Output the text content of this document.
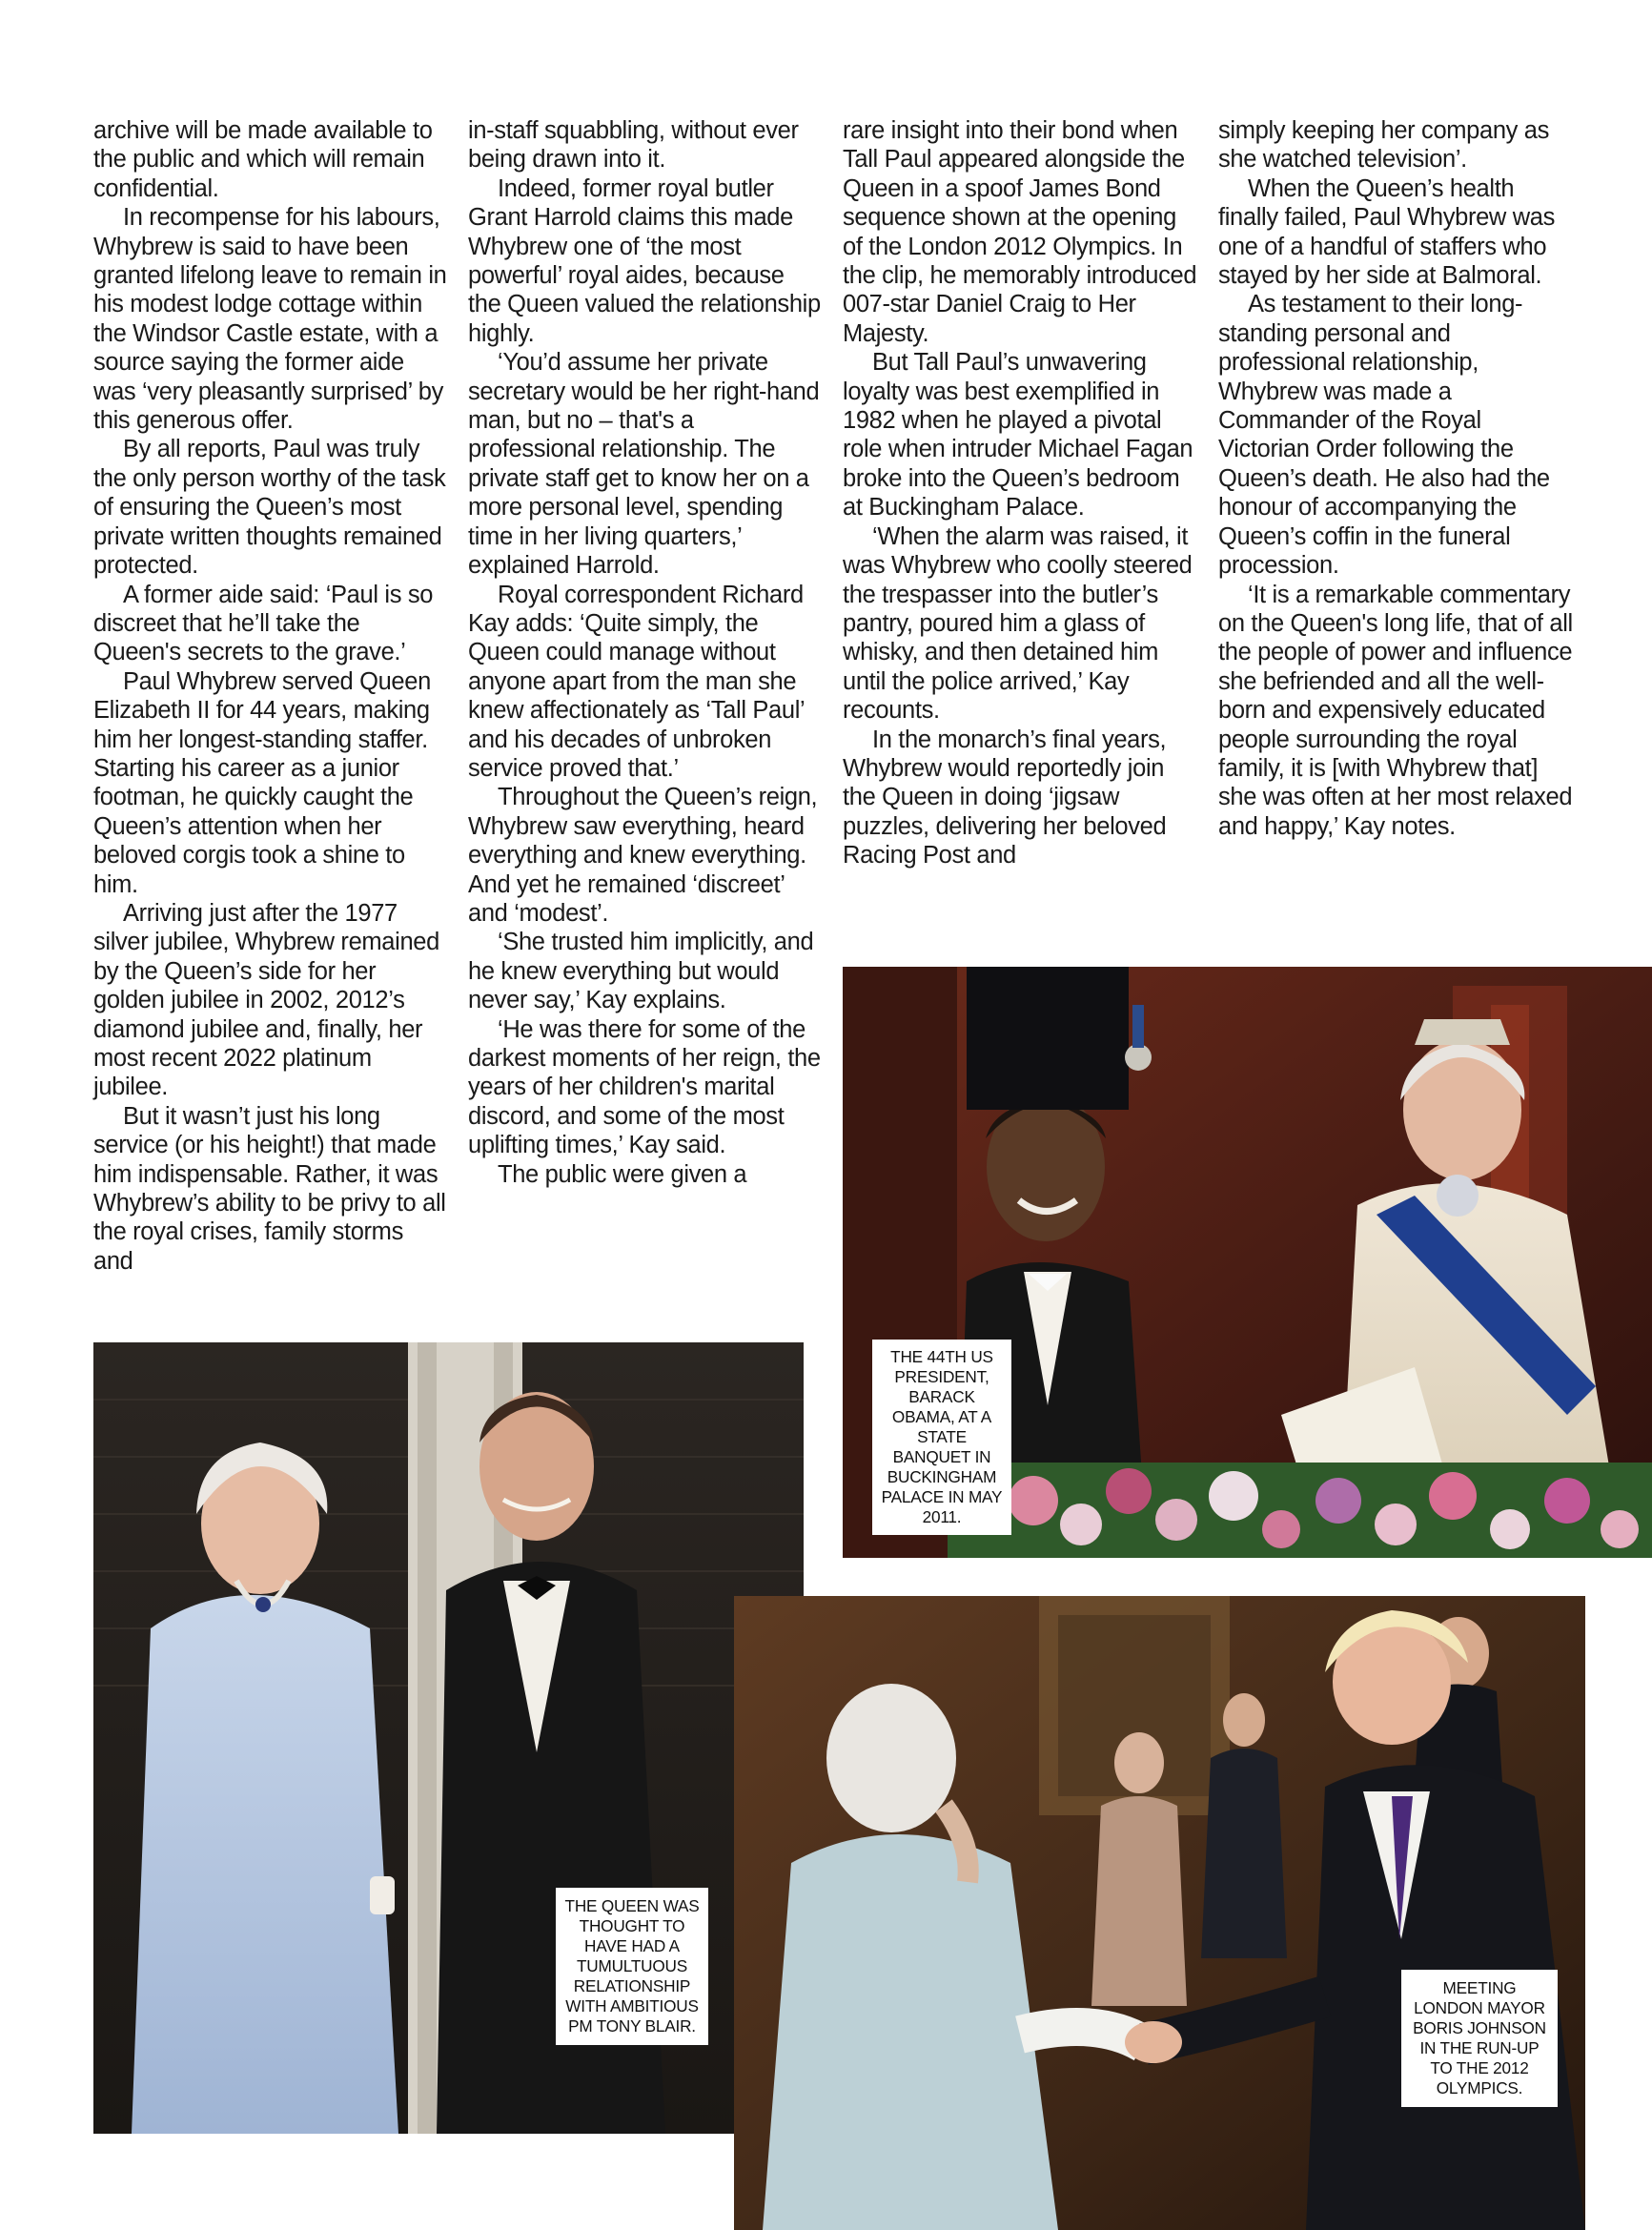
archive will be made available to the public and which will remain confidential.

In recompense for his labours, Whybrew is said to have been granted lifelong leave to remain in his modest lodge cottage within the Windsor Castle estate, with a source saying the former aide was ‘very pleasantly surprised’ by this generous offer.

By all reports, Paul was truly the only person worthy of the task of ensuring the Queen’s most private written thoughts remained protected.

A former aide said: ‘Paul is so discreet that he’ll take the Queen's secrets to the grave.’

Paul Whybrew served Queen Elizabeth II for 44 years, making him her longest-standing staffer. Starting his career as a junior footman, he quickly caught the Queen’s attention when her beloved corgis took a shine to him.

Arriving just after the 1977 silver jubilee, Whybrew remained by the Queen’s side for her golden jubilee in 2002, 2012’s diamond jubilee and, finally, her most recent 2022 platinum jubilee.

But it wasn’t just his long service (or his height!) that made him indispensable. Rather, it was Whybrew’s ability to be privy to all the royal crises, family storms and

in-staff squabbling, without ever being drawn into it.

Indeed, former royal butler Grant Harrold claims this made Whybrew one of ‘the most powerful’ royal aides, because the Queen valued the relationship highly.

‘You’d assume her private secretary would be her right-hand man, but no – that's a professional relationship. The private staff get to know her on a more personal level, spending time in her living quarters,’ explained Harrold.

Royal correspondent Richard Kay adds: ‘Quite simply, the Queen could manage without anyone apart from the man she knew affectionately as ‘Tall Paul’ and his decades of unbroken service proved that.’

Throughout the Queen’s reign, Whybrew saw everything, heard everything and knew everything. And yet he remained ‘discreet’ and ‘modest’.

‘She trusted him implicitly, and he knew everything but would never say,’ Kay explains.

‘He was there for some of the darkest moments of her reign, the years of her children's marital discord, and some of the most uplifting times,’ Kay said.

The public were given a

rare insight into their bond when Tall Paul appeared alongside the Queen in a spoof James Bond sequence shown at the opening of the London 2012 Olympics. In the clip, he memorably introduced 007-star Daniel Craig to Her Majesty.

But Tall Paul’s unwavering loyalty was best exemplified in 1982 when he played a pivotal role when intruder Michael Fagan broke into the Queen’s bedroom at Buckingham Palace.

‘When the alarm was raised, it was Whybrew who coolly steered the trespasser into the butler’s pantry, poured him a glass of whisky, and then detained him until the police arrived,’ Kay recounts.

In the monarch’s final years, Whybrew would reportedly join the Queen in doing ‘jigsaw puzzles, delivering her beloved Racing Post and

simply keeping her company as she watched television’.

When the Queen’s health finally failed, Paul Whybrew was one of a handful of staffers who stayed by her side at Balmoral.

As testament to their long-standing personal and professional relationship, Whybrew was made a Commander of the Royal Victorian Order following the Queen’s death. He also had the honour of accompanying the Queen’s coffin in the funeral procession.

‘It is a remarkable commentary on the Queen's long life, that of all the people of power and influence she befriended and all the well-born and expensively educated people surrounding the royal family, it is [with Whybrew that] she was often at her most relaxed and happy,’ Kay notes.

THE 44TH US PRESIDENT, BARACK OBAMA, AT A STATE BANQUET IN BUCKINGHAM PALACE IN MAY 2011.
THE QUEEN WAS THOUGHT TO HAVE HAD A TUMULTUOUS RELATIONSHIP WITH AMBITIOUS PM TONY BLAIR.
MEETING LONDON MAYOR BORIS JOHNSON IN THE RUN-UP TO THE 2012 OLYMPICS.
